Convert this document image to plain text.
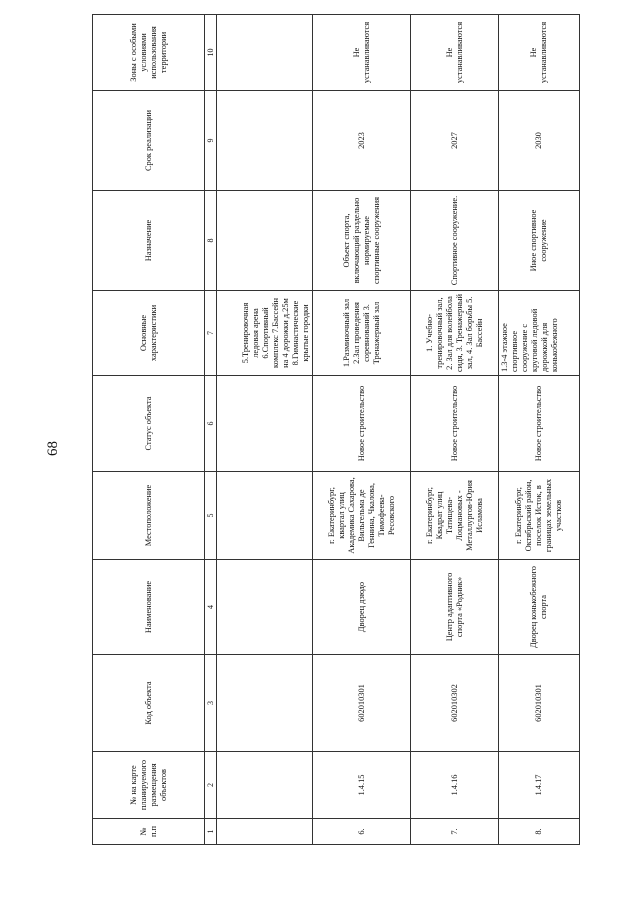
68
№ п.п	№ на карте планируемого размещения объектов	Код объекта	Наименование	Местоположение	Статус объекта	Основные характеристики	Назначение	Срок реализации	Зоны с особыми условиями использования территории
1	2	3	4	5	6	7	8	9	10
						5.Тренировочная ледовая арена 6.Спортивный комплекс 7.Бассейн на 4 дорожки д.25м 8.Гимнастические крытые городки			
6.	1.4.15	602010301	Дворец дзюдо	г. Екатеринбург, квартал улиц Академика Сахарова, Вильгельма де Геннина, Чкалова, Тимофеева-Ресовского	Новое строительство	1.Разминочный зал 2.Зал проведения соревнований 3. Тренажерный зал	Объект спорта, включающий раздельно нормируемые спортивные сооружения	2023	Не устанавливаются
7.	1.4.16	602010302	Центр адаптивного спорта «Родник»	г. Екатеринбург, Квадрат улиц Татищева-Лоцмановых - Металлургов-Юрия Исламова	Новое строительство	1. Учебно-тренировочный зал, 2. Зал для волейбола сидя, 3. Тренажерный зал, 4. Зал борьбы 5. Бассейн	Спортивное сооружение.	2027	Не устанавливаются
8.	1.4.17	602010301	Дворец конькобежного спорта	г. Екатеринбург, Октябрьский район, поселок Исток, в границах земельных участков	Новое строительство	1.3-4 этажное спортивное сооружение с круговой ледовой дорожкой для конькобежного	Иное спортивное сооружение	2030	Не устанавливаются
